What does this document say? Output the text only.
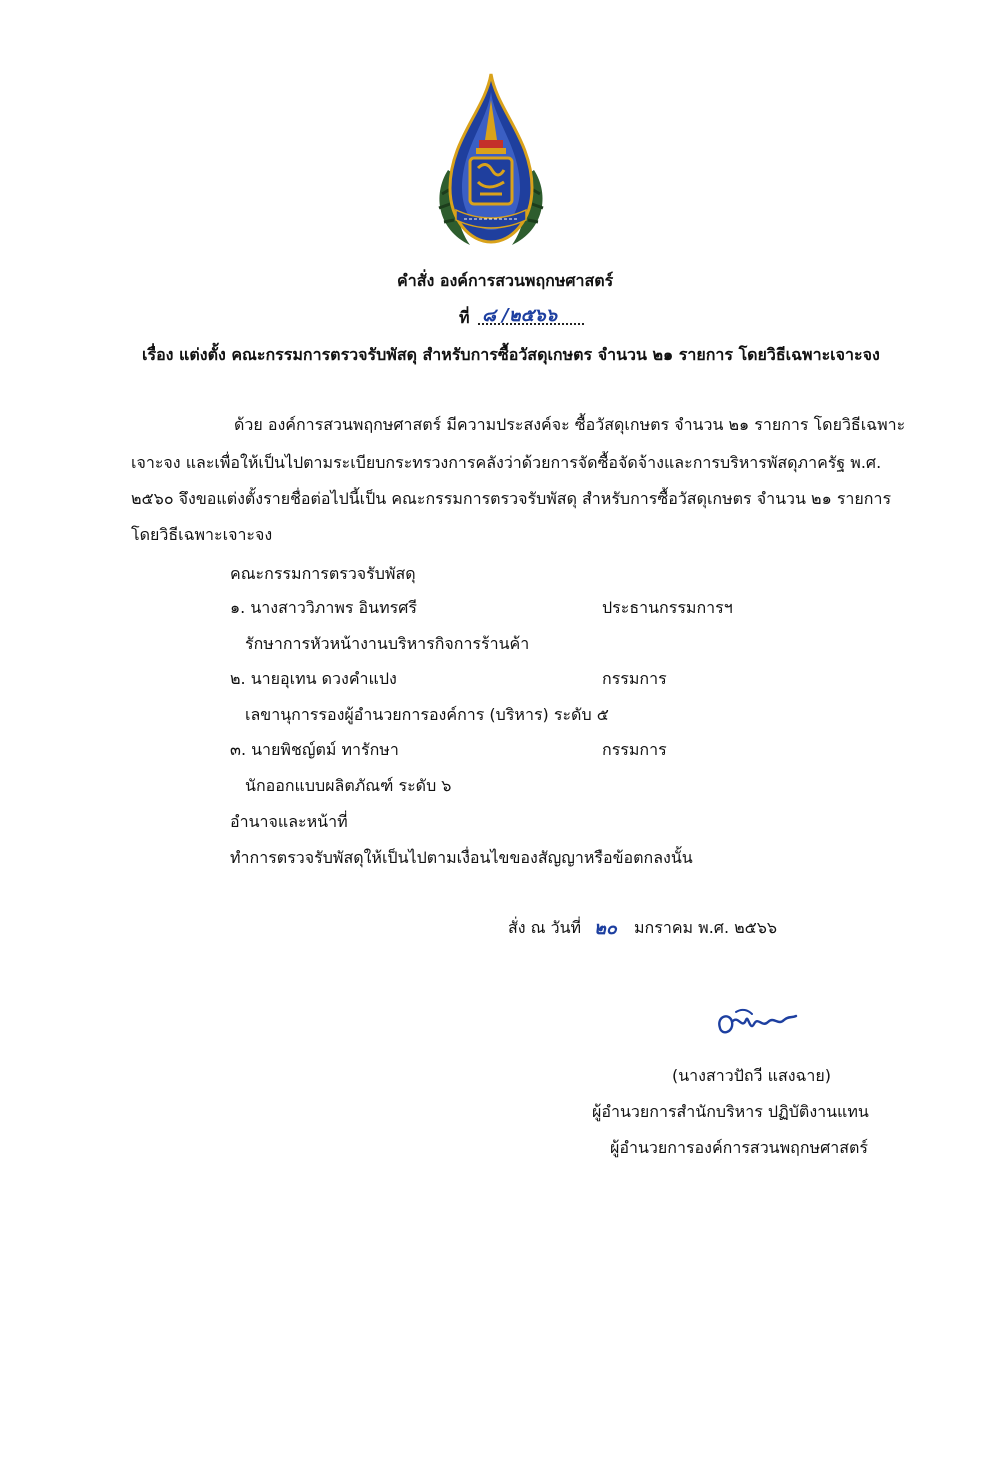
คำสั่ง องค์การสวนพฤกษศาสตร์
ที่ ๘ /๒๕๖๖
เรื่อง แต่งตั้ง คณะกรรมการตรวจรับพัสดุ สำหรับการซื้อวัสดุเกษตร จำนวน ๒๑ รายการ โดยวิธีเฉพาะเจาะจง
ด้วย องค์การสวนพฤกษศาสตร์ มีความประสงค์จะ ซื้อวัสดุเกษตร จำนวน ๒๑ รายการ โดยวิธีเฉพาะ
เจาะจง และเพื่อให้เป็นไปตามระเบียบกระทรวงการคลังว่าด้วยการจัดซื้อจัดจ้างและการบริหารพัสดุภาครัฐ พ.ศ.
๒๕๖๐ จึงขอแต่งตั้งรายชื่อต่อไปนี้เป็น คณะกรรมการตรวจรับพัสดุ สำหรับการซื้อวัสดุเกษตร จำนวน ๒๑ รายการ
โดยวิธีเฉพาะเจาะจง
คณะกรรมการตรวจรับพัสดุ
๑. นางสาววิภาพร อินทรศรี	ประธานกรรมการฯ
รักษาการหัวหน้างานบริหารกิจการร้านค้า
๒. นายอุเทน ดวงคำแปง	กรรมการ
เลขานุการรองผู้อำนวยการองค์การ (บริหาร) ระดับ ๕
๓. นายพิชญ์ตม์ ทารักษา	กรรมการ
นักออกแบบผลิตภัณฑ์ ระดับ ๖
อำนาจและหน้าที่
ทำการตรวจรับพัสดุให้เป็นไปตามเงื่อนไขของสัญญาหรือข้อตกลงนั้น
สั่ง ณ วันที่ ๒๐ มกราคม พ.ศ. ๒๕๖๖
(นางสาวปัถวี แสงฉาย)
ผู้อำนวยการสำนักบริหาร ปฏิบัติงานแทน
ผู้อำนวยการองค์การสวนพฤกษศาสตร์
